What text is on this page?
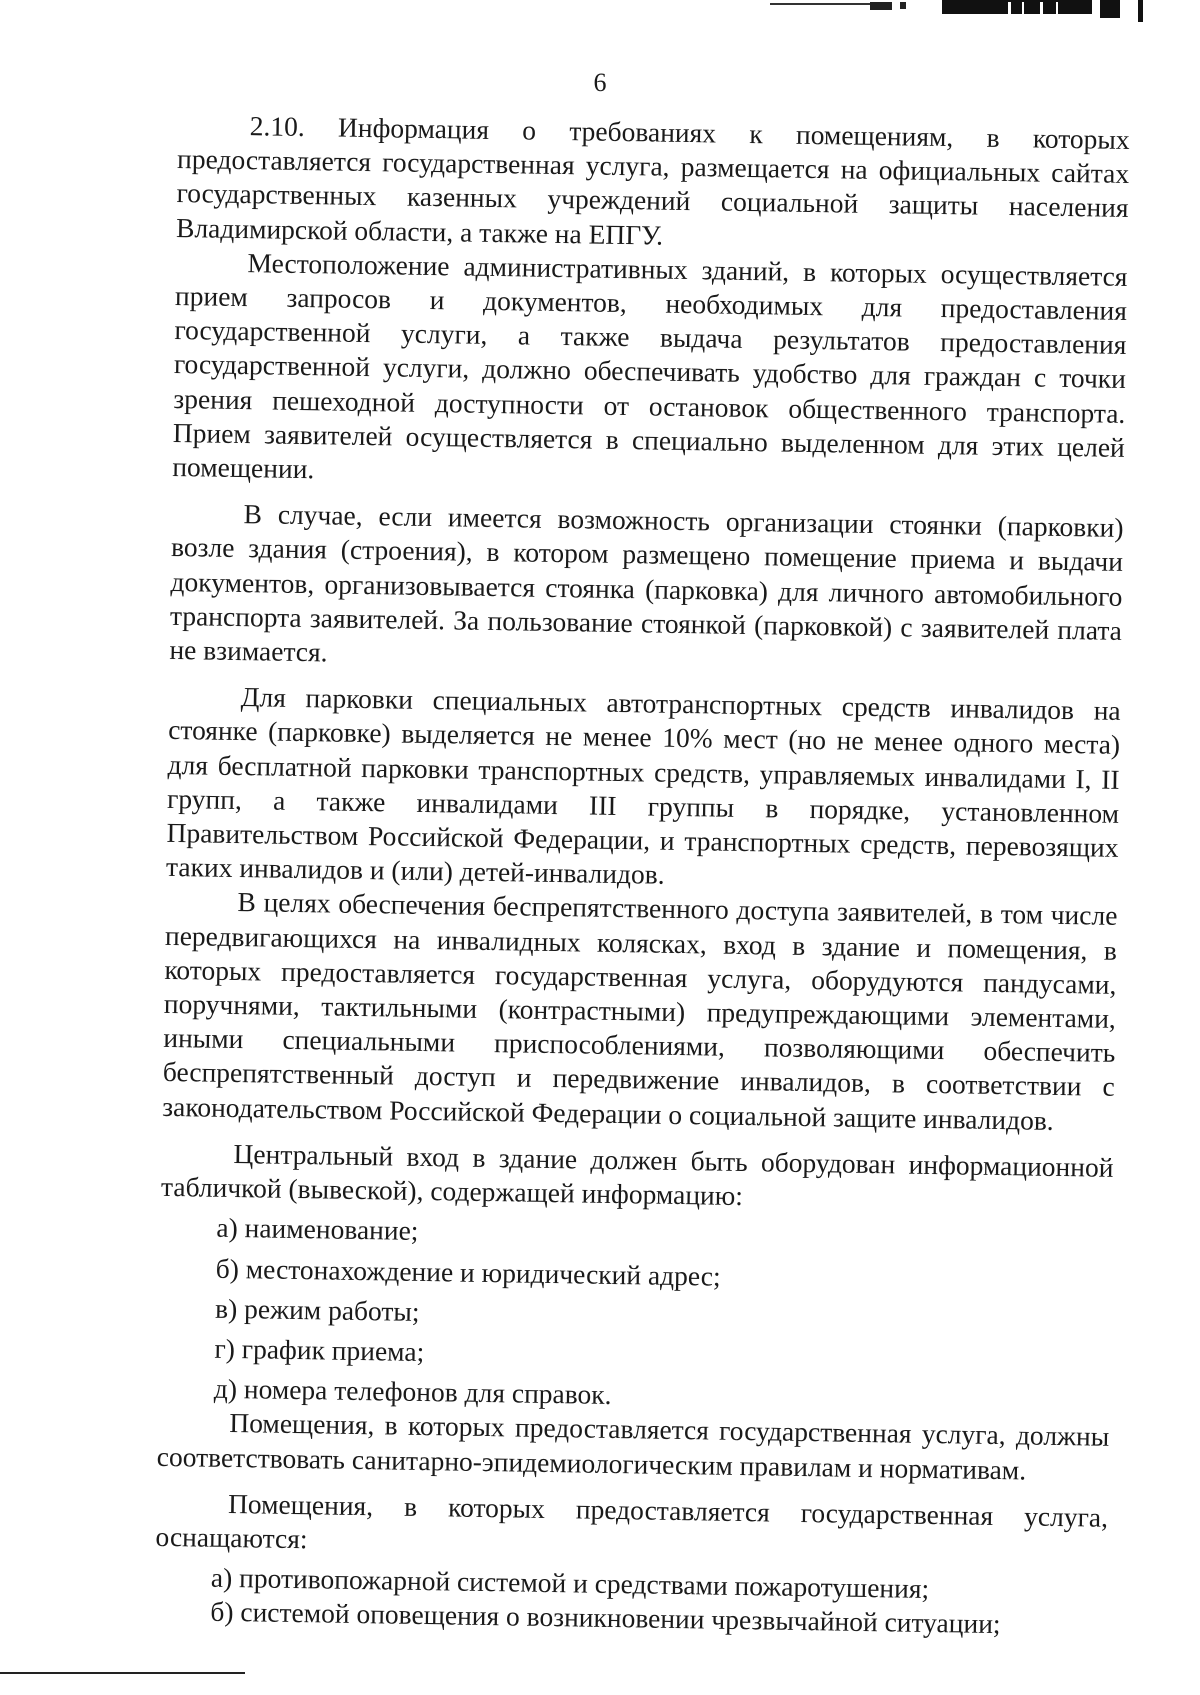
6

2.10. Информация о требованиях к помещениям, в которых предоставляется государственная услуга, размещается на официальных сайтах государственных казенных учреждений социальной защиты населения Владимирской области, а также на ЕПГУ.

Местоположение административных зданий, в которых осуществляется прием запросов и документов, необходимых для предоставления государственной услуги, а также выдача результатов предоставления государственной услуги, должно обеспечивать удобство для граждан с точки зрения пешеходной доступности от остановок общественного транспорта. Прием заявителей осуществляется в специально выделенном для этих целей помещении.

В случае, если имеется возможность организации стоянки (парковки) возле здания (строения), в котором размещено помещение приема и выдачи документов, организовывается стоянка (парковка) для личного автомобильного транспорта заявителей. За пользование стоянкой (парковкой) с заявителей плата не взимается.

Для парковки специальных автотранспортных средств инвалидов на стоянке (парковке) выделяется не менее 10% мест (но не менее одного места) для бесплатной парковки транспортных средств, управляемых инвалидами I, II групп, а также инвалидами III группы в порядке, установленном Правительством Российской Федерации, и транспортных средств, перевозящих таких инвалидов и (или) детей-инвалидов.

В целях обеспечения беспрепятственного доступа заявителей, в том числе передвигающихся на инвалидных колясках, вход в здание и помещения, в которых предоставляется государственная услуга, оборудуются пандусами, поручнями, тактильными (контрастными) предупреждающими элементами, иными специальными приспособлениями, позволяющими обеспечить беспрепятственный доступ и передвижение инвалидов, в соответствии с законодательством Российской Федерации о социальной защите инвалидов.

Центральный вход в здание должен быть оборудован информационной табличкой (вывеской), содержащей информацию:

а) наименование;

б) местонахождение и юридический адрес;

в) режим работы;

г) график приема;

д) номера телефонов для справок.

Помещения, в которых предоставляется государственная услуга, должны соответствовать санитарно-эпидемиологическим правилам и нормативам.

Помещения, в которых предоставляется государственная услуга, оснащаются:

а) противопожарной системой и средствами пожаротушения;

б) системой оповещения о возникновении чрезвычайной ситуации;
